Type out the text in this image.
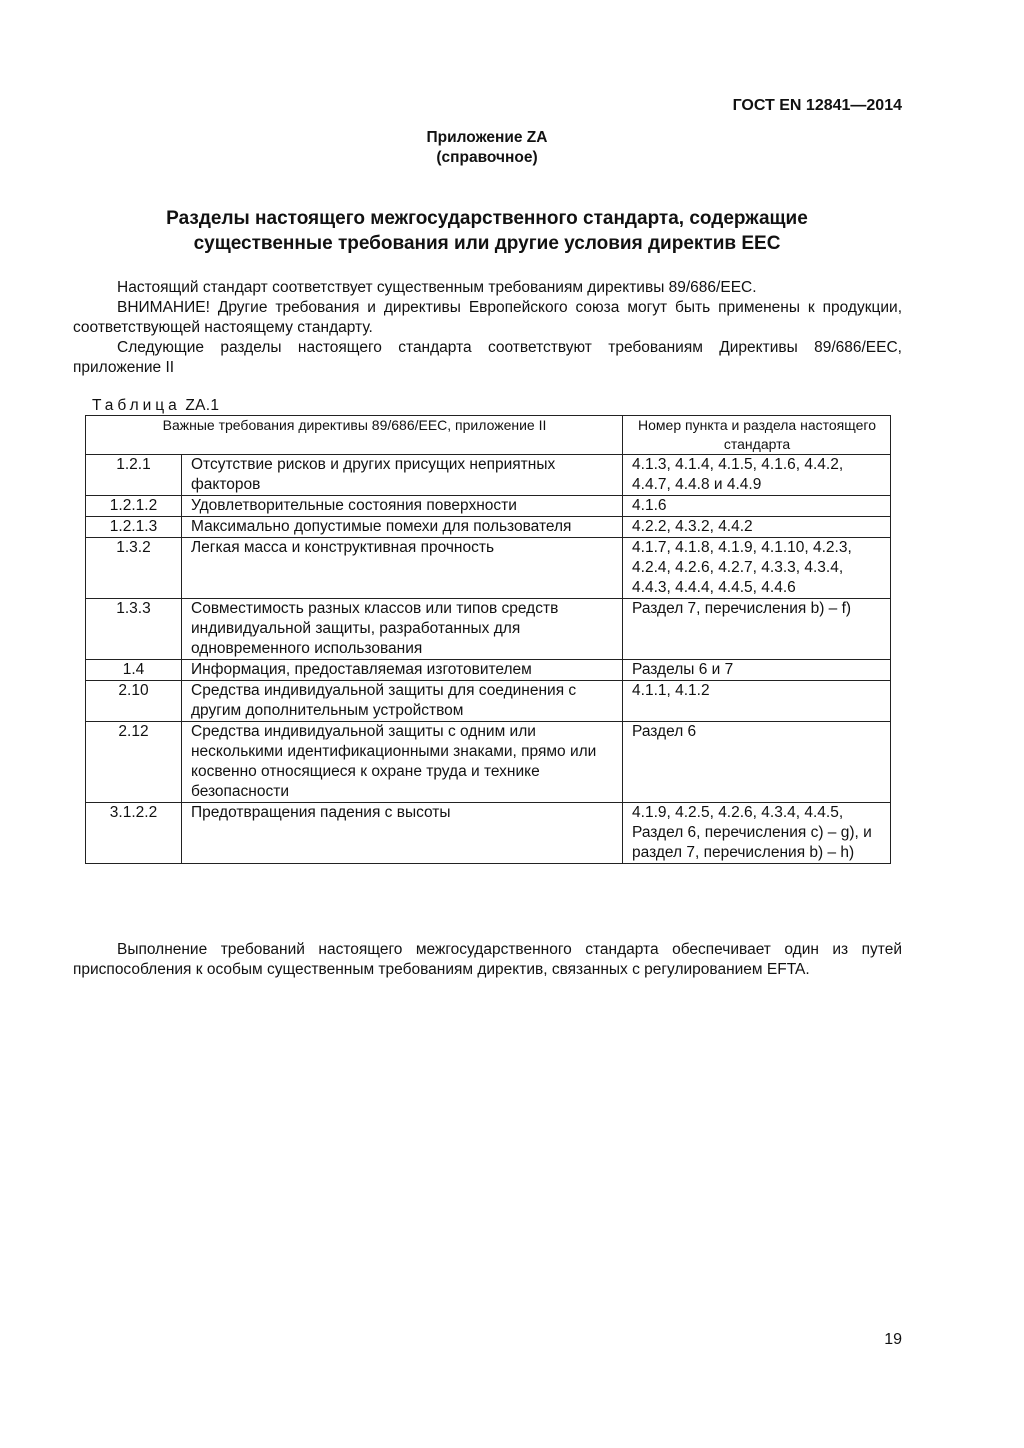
ГОСТ EN 12841—2014
Приложение ZA
(справочное)
Разделы настоящего межгосударственного стандарта, содержащие
существенные требования или другие условия директив ЕЕС

Настоящий стандарт соответствует существенным требованиям директивы 89/686/ЕЕС.

ВНИМАНИЕ! Другие требования и директивы Европейского союза могут быть применены к продукции, соответствующей настоящему стандарту.

Следующие разделы настоящего стандарта соответствуют требованиям Директивы 89/686/ЕЕС, приложение II

Таблица ZA.1
Важные требования директивы 89/686/ЕЕС, приложение II		Номер пункта и раздела настоящего стандарта
1.2.1	Отсутствие рисков и других присущих неприятных факторов	4.1.3, 4.1.4, 4.1.5, 4.1.6, 4.4.2, 4.4.7, 4.4.8 и 4.4.9
1.2.1.2	Удовлетворительные состояния поверхности	4.1.6
1.2.1.3	Максимально допустимые помехи для пользователя	4.2.2, 4.3.2, 4.4.2
1.3.2	Легкая масса и конструктивная прочность	4.1.7, 4.1.8, 4.1.9, 4.1.10, 4.2.3, 4.2.4, 4.2.6, 4.2.7, 4.3.3, 4.3.4, 4.4.3, 4.4.4, 4.4.5, 4.4.6
1.3.3	Совместимость разных классов или типов средств индивидуальной защиты, разработанных для одновременного использования	Раздел 7, перечисления b) – f)
1.4	Информация, предоставляемая изготовителем	Разделы 6 и 7
2.10	Средства индивидуальной защиты для соединения с другим дополнительным устройством	4.1.1, 4.1.2
2.12	Средства индивидуальной защиты с одним или несколькими идентификационными знаками, прямо или косвенно относящиеся к охране труда и технике безопасности	Раздел 6
3.1.2.2	Предотвращения падения с высоты	4.1.9, 4.2.5, 4.2.6, 4.3.4, 4.4.5, Раздел 6, перечисления с) – g), и раздел 7, перечисления b) – h)

Выполнение требований настоящего межгосударственного стандарта обеспечивает один из путей приспособления к особым существенным требованиям директив, связанных с регулированием EFTA.

19
